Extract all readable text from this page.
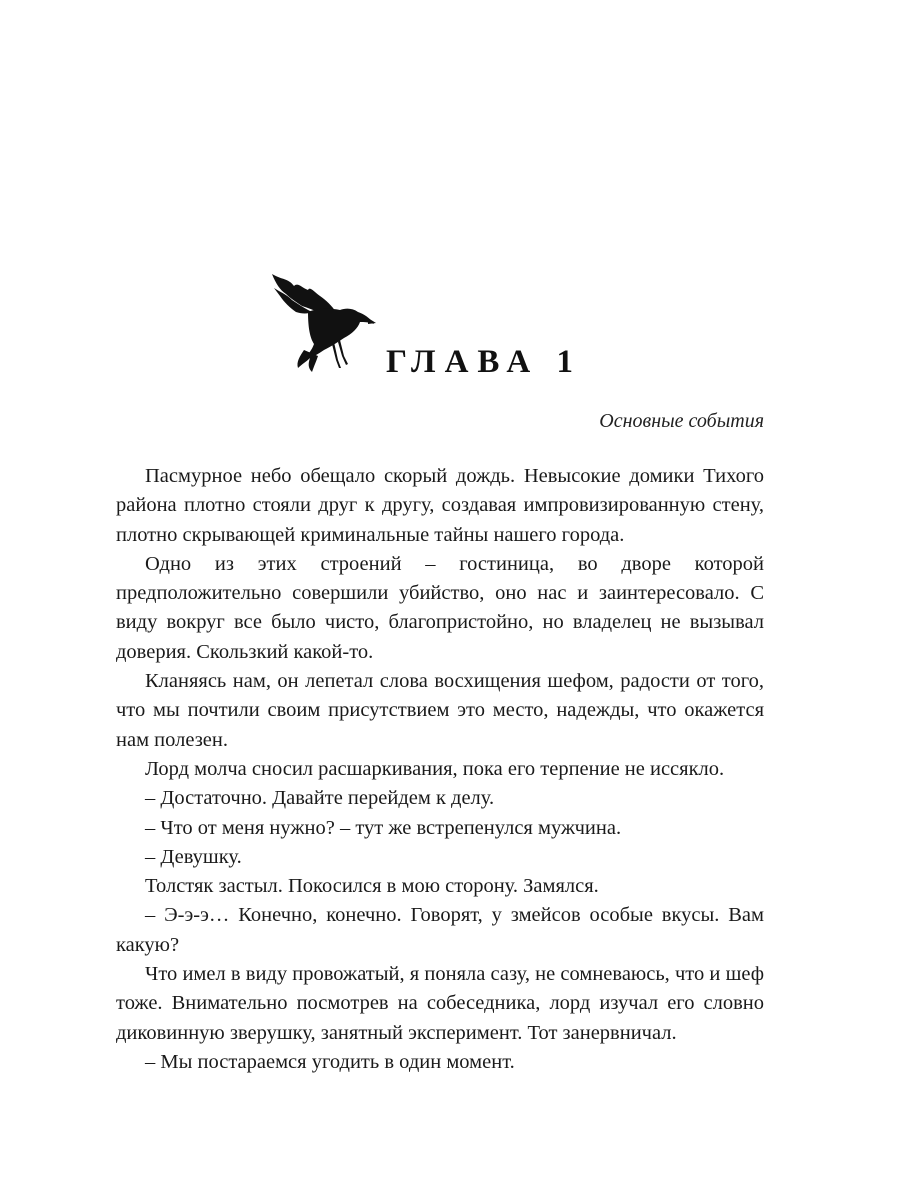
ГЛАВА 1
Основные события

Пасмурное небо обещало скорый дождь. Невысокие домики Тихого района плотно стояли друг к другу, создавая импровизированную стену, плотно скрывающей криминальные тайны нашего города.

Одно из этих строений – гостиница, во дворе которой предположительно совершили убийство, оно нас и заинтересовало. С виду вокруг все было чисто, благопристойно, но владелец не вызывал доверия. Скользкий какой-то.

Кланяясь нам, он лепетал слова восхищения шефом, радости от того, что мы почтили своим присутствием это место, надежды, что окажется нам полезен.

Лорд молча сносил расшаркивания, пока его терпение не иссякло.

– Достаточно. Давайте перейдем к делу.

– Что от меня нужно? – тут же встрепенулся мужчина.

– Девушку.

Толстяк застыл. Покосился в мою сторону. Замялся.

– Э-э-э… Конечно, конечно. Говорят, у змейсов особые вкусы. Вам какую?

Что имел в виду провожатый, я поняла сазу, не сомневаюсь, что и шеф тоже. Внимательно посмотрев на собеседника, лорд изучал его словно диковинную зверушку, занятный эксперимент. Тот занервничал.

– Мы постараемся угодить в один момент.
